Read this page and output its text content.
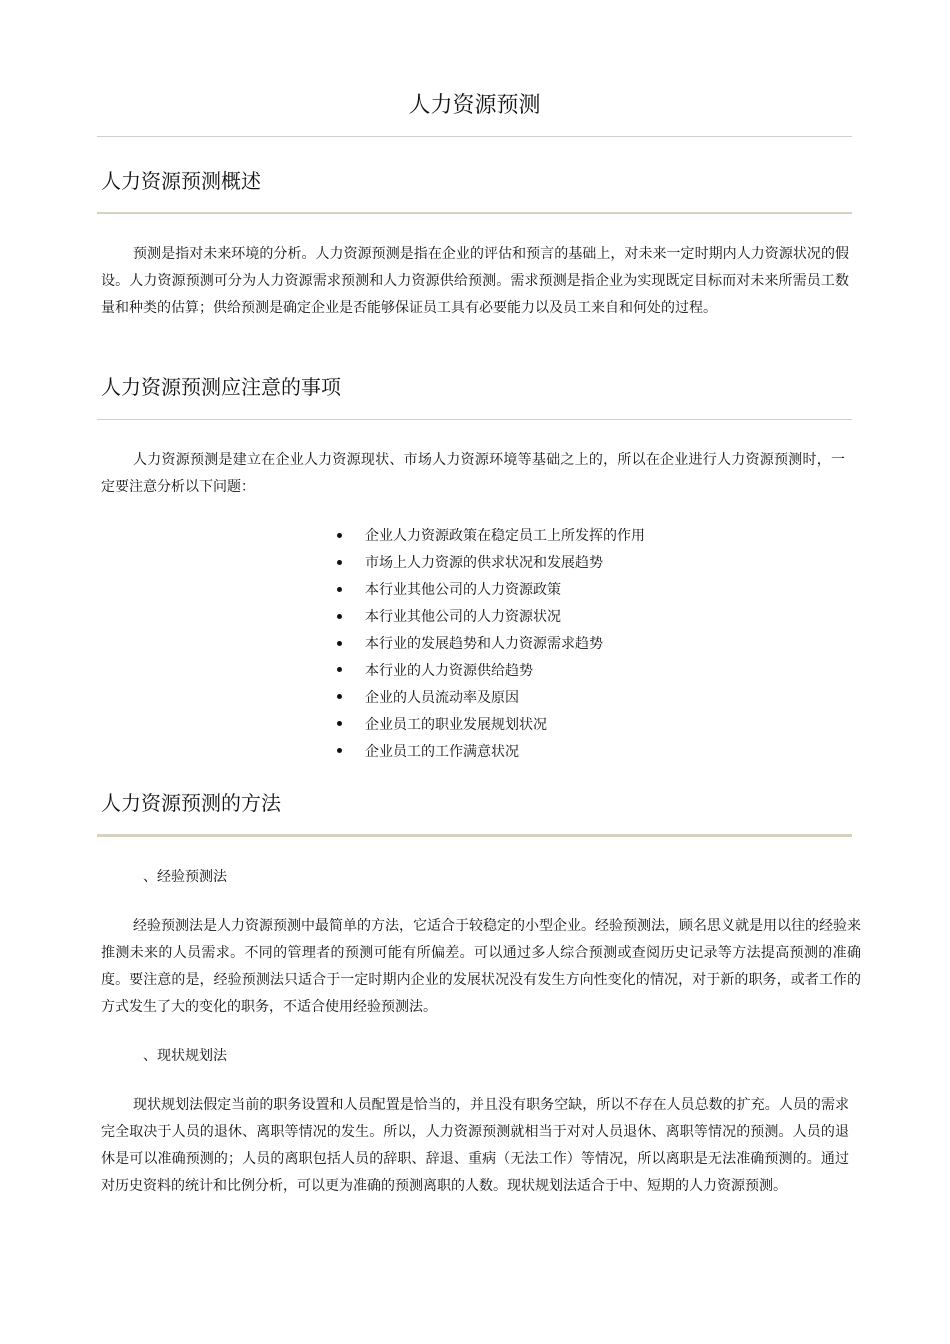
人力资源预测
人力资源预测概述

预测是指对未来环境的分析。人力资源预测是指在企业的评估和预言的基础上，对未来一定时期内人力资源状况的假设。人力资源预测可分为人力资源需求预测和人力资源供给预测。需求预测是指企业为实现既定目标而对未来所需员工数量和种类的估算；供给预测是确定企业是否能够保证员工具有必要能力以及员工来自和何处的过程。

人力资源预测应注意的事项

人力资源预测是建立在企业人力资源现状、市场人力资源环境等基础之上的，所以在企业进行人力资源预测时，一定要注意分析以下问题：

企业人力资源政策在稳定员工上所发挥的作用
市场上人力资源的供求状况和发展趋势
本行业其他公司的人力资源政策
本行业其他公司的人力资源状况
本行业的发展趋势和人力资源需求趋势
本行业的人力资源供给趋势
企业的人员流动率及原因
企业员工的职业发展规划状况
企业员工的工作满意状况
人力资源预测的方法

、经验预测法

经验预测法是人力资源预测中最简单的方法，它适合于较稳定的小型企业。经验预测法，顾名思义就是用以往的经验来推测未来的人员需求。不同的管理者的预测可能有所偏差。可以通过多人综合预测或查阅历史记录等方法提高预测的准确度。要注意的是，经验预测法只适合于一定时期内企业的发展状况没有发生方向性变化的情况，对于新的职务，或者工作的方式发生了大的变化的职务，不适合使用经验预测法。

、现状规划法

现状规划法假定当前的职务设置和人员配置是恰当的，并且没有职务空缺，所以不存在人员总数的扩充。人员的需求完全取决于人员的退休、离职等情况的发生。所以，人力资源预测就相当于对对人员退休、离职等情况的预测。人员的退休是可以准确预测的；人员的离职包括人员的辞职、辞退、重病（无法工作）等情况，所以离职是无法准确预测的。通过对历史资料的统计和比例分析，可以更为准确的预测离职的人数。现状规划法适合于中、短期的人力资源预测。
